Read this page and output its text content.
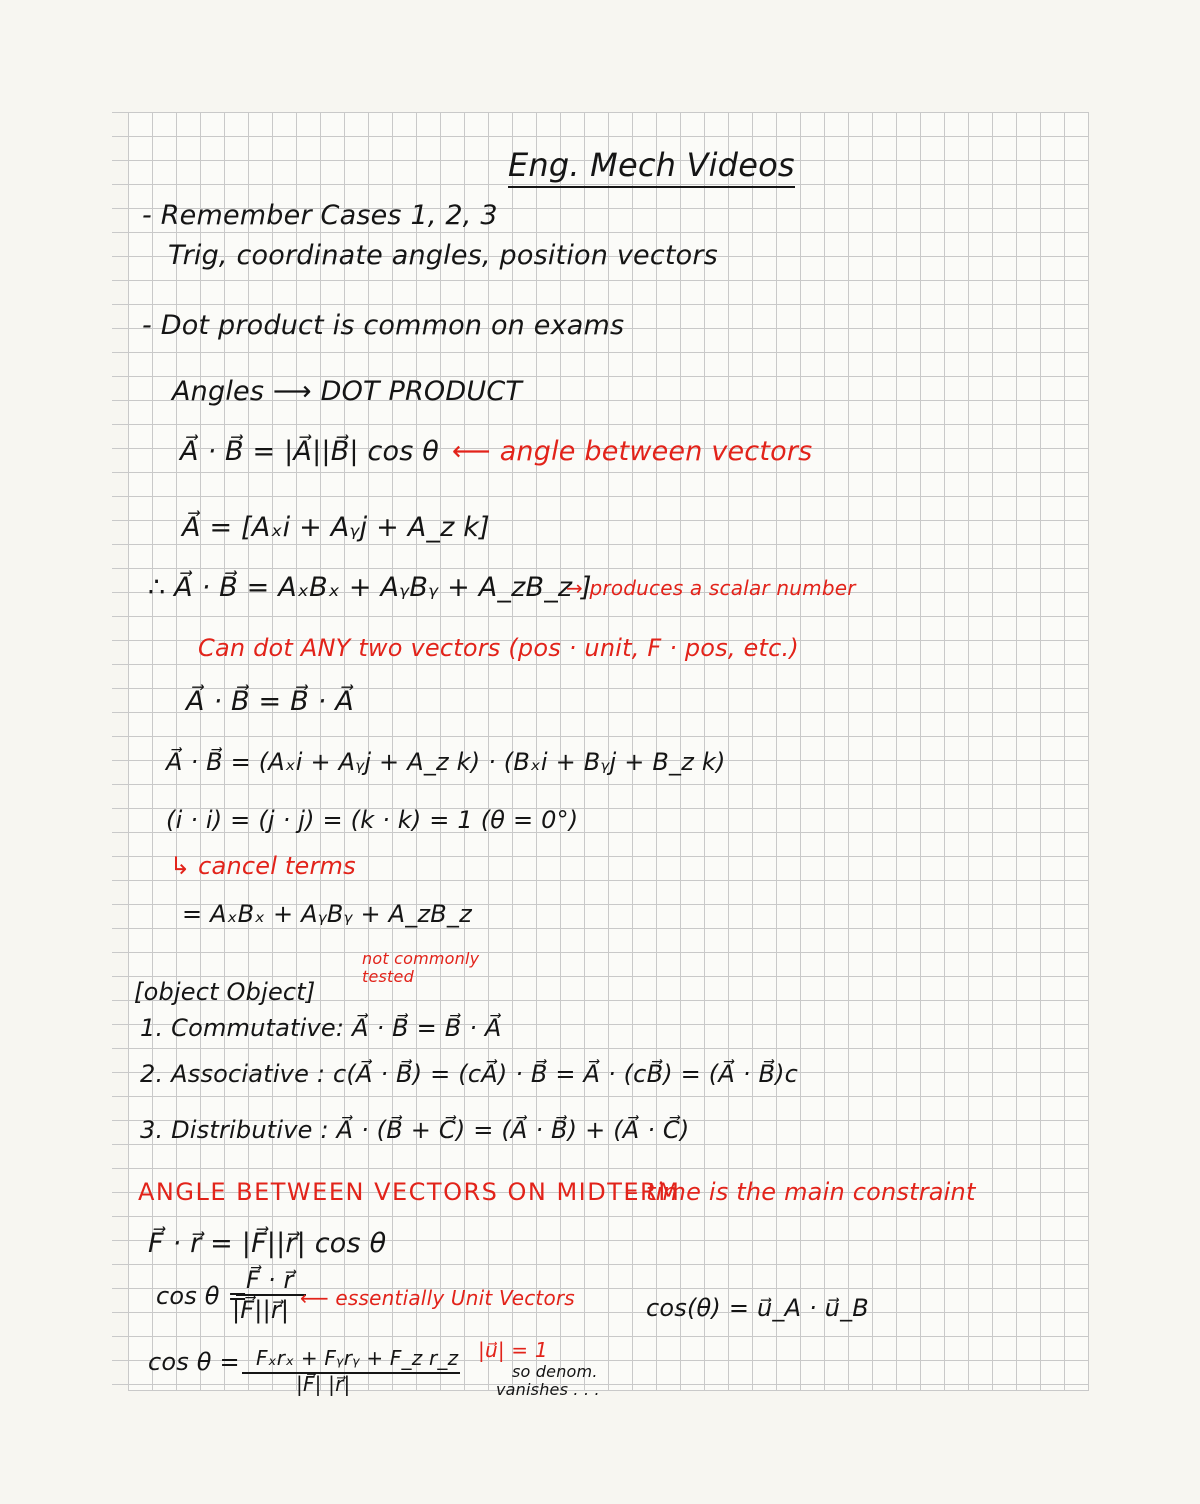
Eng. Mech Videos
- Remember Cases 1, 2, 3
Trig, coordinate angles, position vectors
- Dot product is common on exams
Angles ⟶ DOT PRODUCT
A⃗ · B⃗ = |A⃗||B⃗| cos θ ⟵ angle between vectors
A⃗ = [Aₓi + Aᵧj + A_z k]
∴ A⃗ · B⃗ = AₓBₓ + AᵧBᵧ + A_zB_z ]
→ produces a scalar number
Can dot ANY two vectors (pos · unit, F · pos, etc.)
A⃗ · B⃗ = B⃗ · A⃗
A⃗ · B⃗ = (Aₓi + Aᵧj + A_z k) · (Bₓi + Bᵧj + B_z k)
(i · i) = (j · j) = (k · k) = 1 (θ = 0°)
↳ cancel terms
= AₓBₓ + AᵧBᵧ + A_zB_z
[object Object]
not commonly tested
1. Commutative: A⃗ · B⃗ = B⃗ · A⃗
2. Associative : c(A⃗ · B⃗) = (cA⃗) · B⃗ = A⃗ · (cB⃗) = (A⃗ · B⃗)c
3. Distributive : A⃗ · (B⃗ + C⃗) = (A⃗ · B⃗) + (A⃗ · C⃗)
ANGLE BETWEEN VECTORS ON MIDTERM
– time is the main constraint
F⃗ · r⃗ = |F⃗||r⃗| cos θ
cos θ =
F⃗ · r⃗
|F⃗||r⃗| ⟵ essentially Unit Vectors	cos(θ) = u⃗_A · u⃗_B
cos θ = Fₓrₓ + Fᵧrᵧ + F_z r_z
|F⃗| |r⃗|
|u⃗| = 1
so denom.
vanishes . . .
